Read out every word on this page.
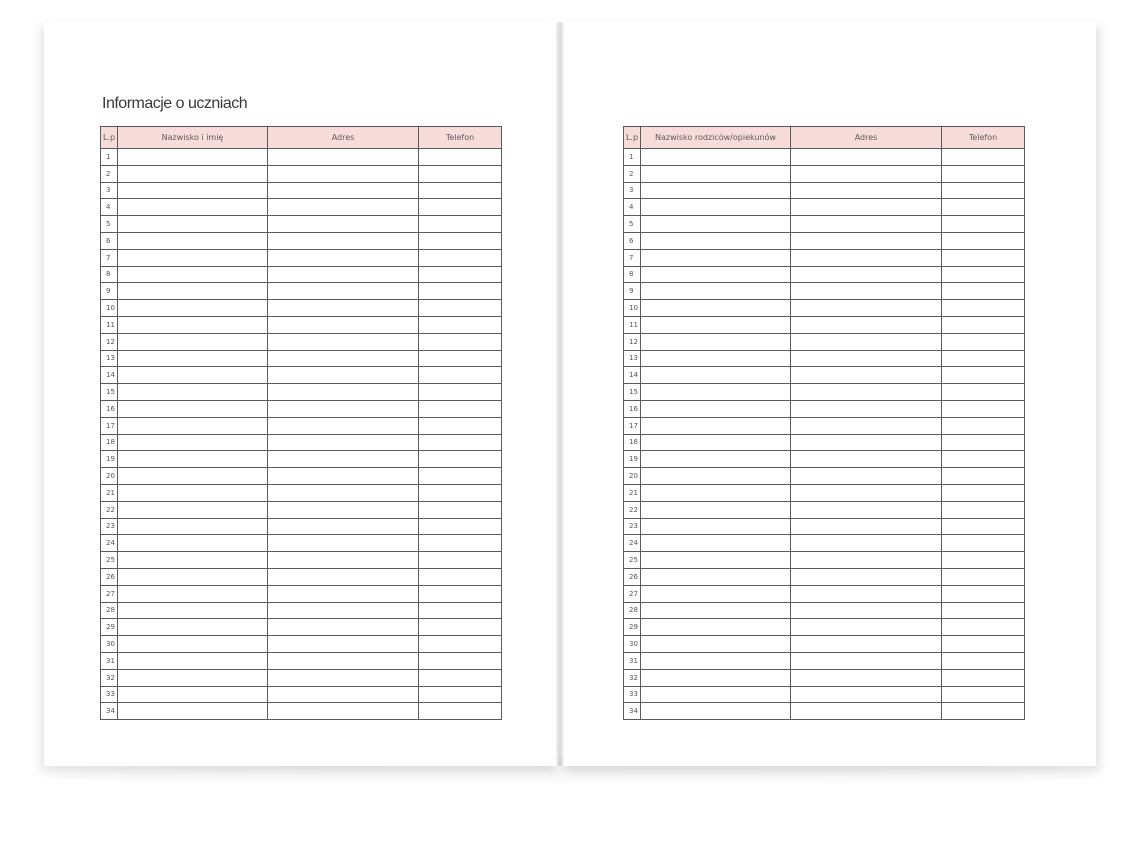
Informacje o uczniach
L.p	Nazwisko i imię	Adres	Telefon
1			
2			
3			
4			
5			
6			
7			
8			
9			
10			
11			
12			
13			
14			
15			
16			
17			
18			
19			
20			
21			
22			
23			
24			
25			
26			
27			
28			
29			
30			
31			
32			
33			
34			
L.p	Nazwisko rodziców/opiekunów	Adres	Telefon
1			
2			
3			
4			
5			
6			
7			
8			
9			
10			
11			
12			
13			
14			
15			
16			
17			
18			
19			
20			
21			
22			
23			
24			
25			
26			
27			
28			
29			
30			
31			
32			
33			
34			
